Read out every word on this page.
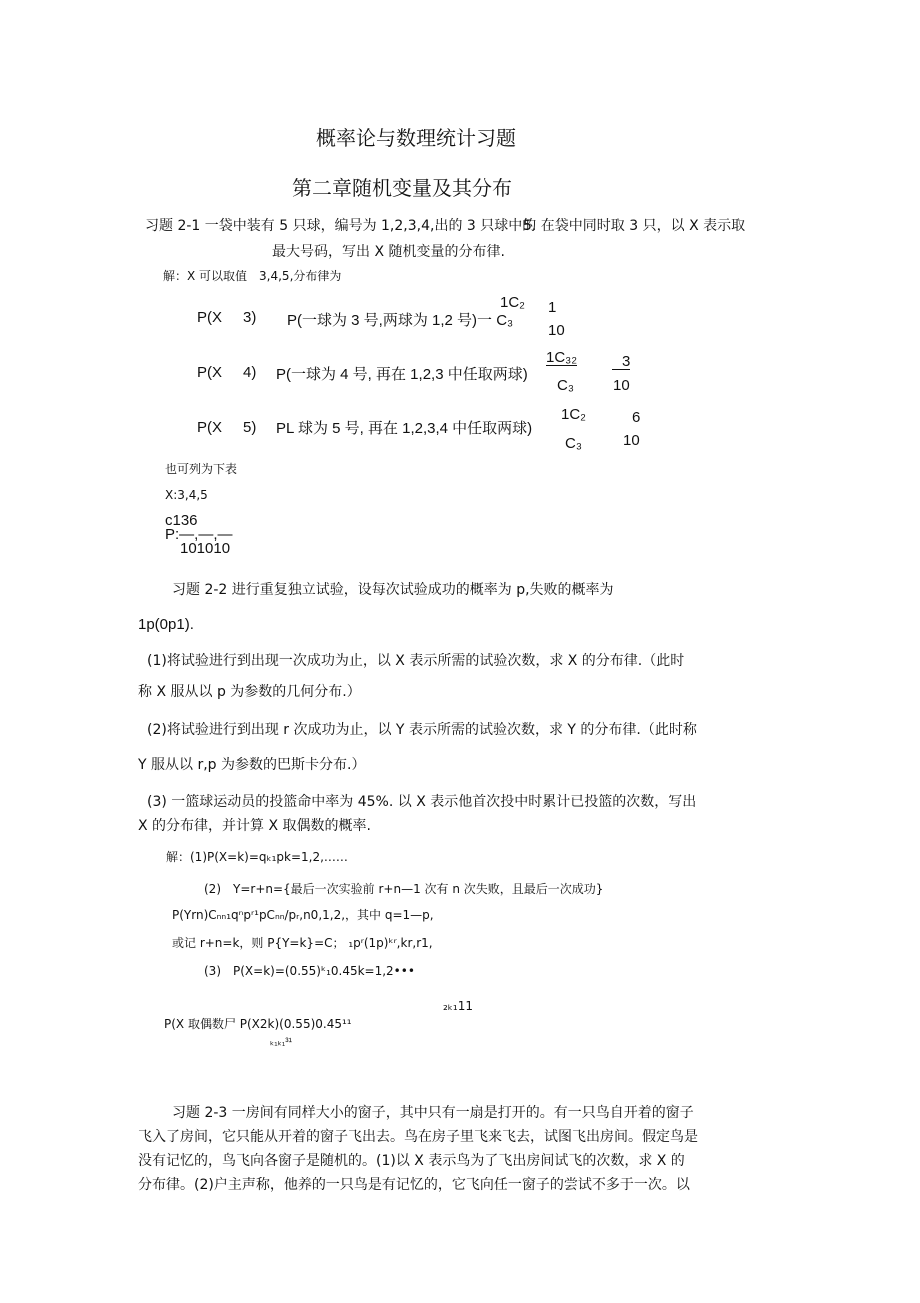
概率论与数理统计习题
第二章随机变量及其分布
习题 2-1 一袋中装有 5 只球，编号为 1,2,3,4,出的 3 只球中的
5. 在袋中同时取 3 只，以 X 表示取
最大号码，写出 X 随机变量的分布律.
解：X 可以取值　3,4,5,分布律为
P(X 3) P(一球为 3 号,两球为 1,2 号)一 C₃
1C₂ 1
10
P(X 4) P(一球为 4 号, 再在 1,2,3 中任取两球)
1C₃₂
C₃
3
10
P(X 5) PL 球为 5 号, 再在 1,2,3,4 中任取两球)
1C₂
C₃
6
10
也可列为下表
X:3,4,5
c136
P:—,—,—
101010
习题 2-2 进行重复独立试验，设每次试验成功的概率为 p,失败的概率为
1p(0p1).
(1)将试验进行到出现一次成功为止，以 X 表示所需的试验次数，求 X 的分布律.（此时
称 X 服从以 p 为参数的几何分布.）
(2)将试验进行到出现 r 次成功为止，以 Y 表示所需的试验次数，求 Y 的分布律.（此时称
Y 服从以 r,p 为参数的巴斯卡分布.）
(3) 一篮球运动员的投篮命中率为 45%. 以 X 表示他首次投中时累计已投篮的次数，写出
X 的分布律，并计算 X 取偶数的概率.
解：(1)P(X=k)=qₖ₁pk=1,2,……
(2)　Y=r+n={最后一次实验前 r+n—1 次有 n 次失败，且最后一次成功}
P(Yrn)Cₙₙ₁qⁿpʳ¹pCₙₙ/pᵣ,n0,1,2,，其中 q=1—p,
或记 r+n=k，则 P{Y=k}=C； ₁pʳ(1p)ᵏʳ,kr,r1,
(3)　P(X=k)=(0.55)ᵏ₁0.45k=1,2•••
₂ₖ₁11
P(X 取偶数尸 P(X2k)(0.55)0.45¹¹
ₖ₁ₖ₁³¹
习题 2-3 一房间有同样大小的窗子，其中只有一扇是打开的。有一只鸟自开着的窗子
飞入了房间，它只能从开着的窗子飞出去。鸟在房子里飞来飞去，试图飞出房间。假定鸟是
没有记忆的，鸟飞向各窗子是随机的。(1)以 X 表示鸟为了飞出房间试飞的次数，求 X 的
分布律。(2)户主声称，他养的一只鸟是有记忆的，它飞向任一窗子的尝试不多于一次。以
